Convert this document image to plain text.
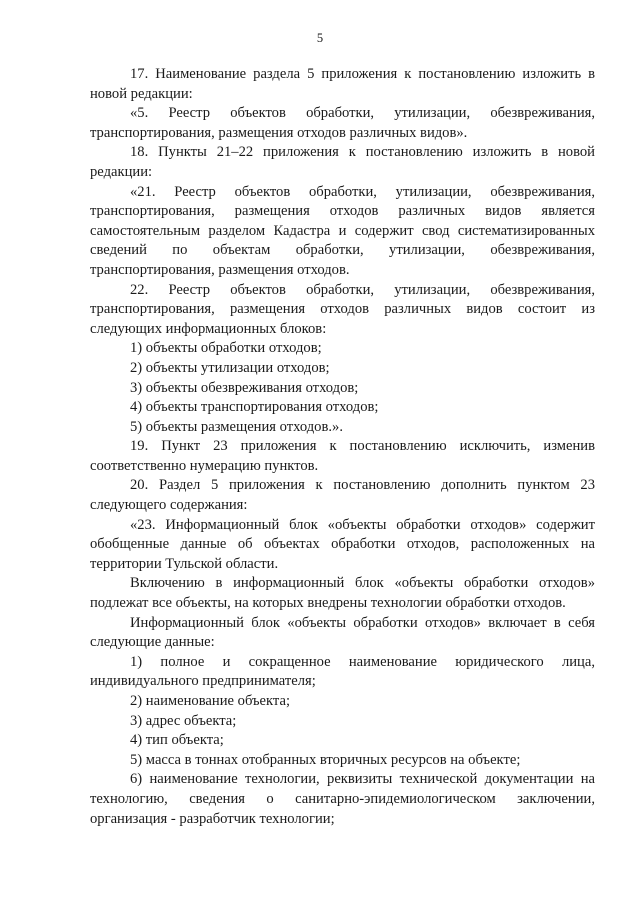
5

17. Наименование раздела 5 приложения к постановлению изложить в новой редакции:

«5. Реестр объектов обработки, утилизации, обезвреживания, транспортирования, размещения отходов различных видов».

18. Пункты 21–22 приложения к постановлению изложить в новой редакции:

«21. Реестр объектов обработки, утилизации, обезвреживания, транспортирования, размещения отходов различных видов является самостоятельным разделом Кадастра и содержит свод систематизированных сведений по объектам обработки, утилизации, обезвреживания, транспортирования, размещения отходов.

22. Реестр объектов обработки, утилизации, обезвреживания, транспортирования, размещения отходов различных видов состоит из следующих информационных блоков:

1) объекты обработки отходов;

2) объекты утилизации отходов;

3) объекты обезвреживания отходов;

4) объекты транспортирования отходов;

5) объекты размещения отходов.».

19. Пункт 23 приложения к постановлению исключить, изменив соответственно нумерацию пунктов.

20. Раздел 5 приложения к постановлению дополнить пунктом 23 следующего содержания:

«23. Информационный блок «объекты обработки отходов» содержит обобщенные данные об объектах обработки отходов, расположенных на территории Тульской области.

Включению в информационный блок «объекты обработки отходов» подлежат все объекты, на которых внедрены технологии обработки отходов.

Информационный блок «объекты обработки отходов» включает в себя следующие данные:

1) полное и сокращенное наименование юридического лица, индивидуального предпринимателя;

2) наименование объекта;

3) адрес объекта;

4) тип объекта;

5) масса в тоннах отобранных вторичных ресурсов на объекте;

6) наименование технологии, реквизиты технической документации на технологию, сведения о санитарно-эпидемиологическом заключении, организация - разработчик технологии;
